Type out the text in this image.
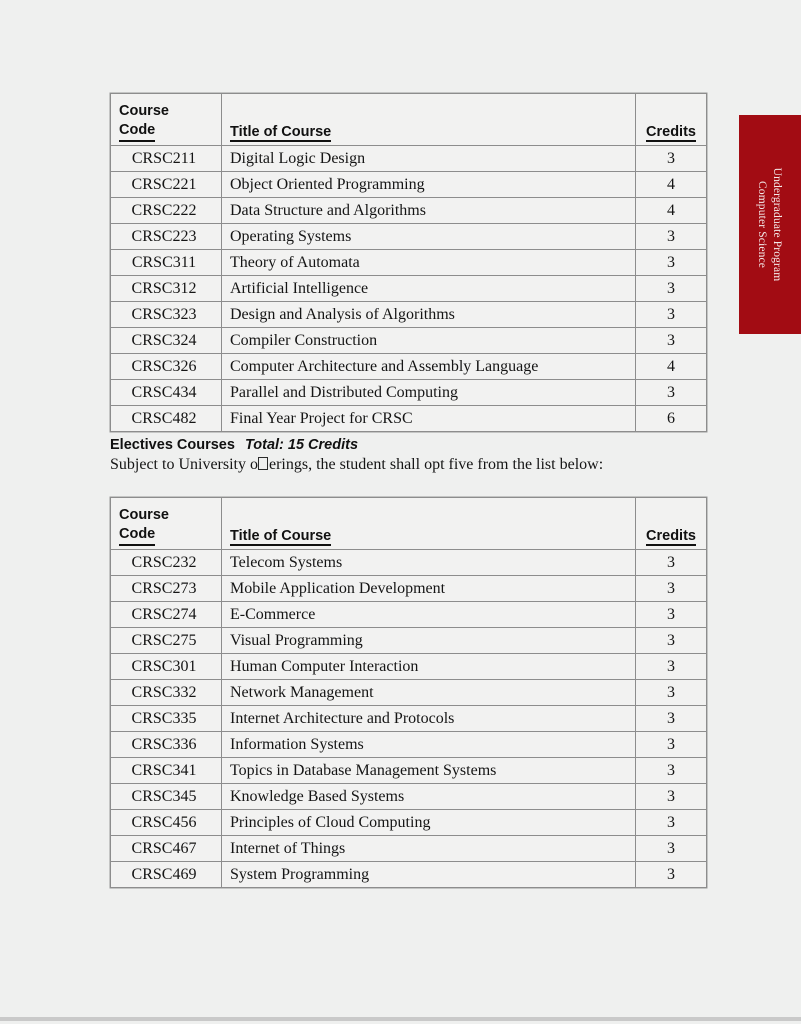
Undergraduate Program
Computer Science
Course
Code	Title of Course	Credits
CRSC211	Digital Logic Design	3
CRSC221	Object Oriented Programming	4
CRSC222	Data Structure and Algorithms	4
CRSC223	Operating Systems	3
CRSC311	Theory of Automata	3
CRSC312	Artificial Intelligence	3
CRSC323	Design and Analysis of Algorithms	3
CRSC324	Compiler Construction	3
CRSC326	Computer Architecture and Assembly Language	4
CRSC434	Parallel and Distributed Computing	3
CRSC482	Final Year Project for CRSC	6
Electives Courses Total: 15 Credits
Subject to University o erings, the student shall opt five from the list below:
Course
Code	Title of Course	Credits
CRSC232	Telecom Systems	3
CRSC273	Mobile Application Development	3
CRSC274	E-Commerce	3
CRSC275	Visual Programming	3
CRSC301	Human Computer Interaction	3
CRSC332	Network Management	3
CRSC335	Internet Architecture and Protocols	3
CRSC336	Information Systems	3
CRSC341	Topics in Database Management Systems	3
CRSC345	Knowledge Based Systems	3
CRSC456	Principles of Cloud Computing	3
CRSC467	Internet of Things	3
CRSC469	System Programming	3
